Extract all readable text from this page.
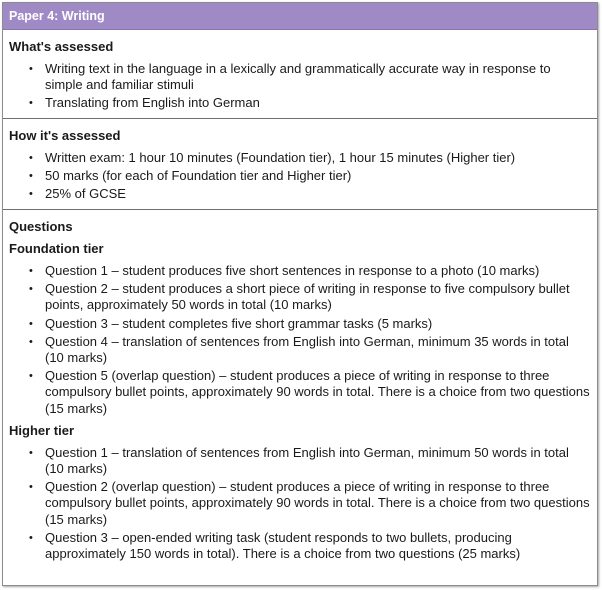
Paper 4: Writing
What's assessed
• Writing text in the language in a lexically and grammatically accurate way in response to simple and familiar stimuli
• Translating from English into German
How it's assessed
• Written exam: 1 hour 10 minutes (Foundation tier), 1 hour 15 minutes (Higher tier)
• 50 marks (for each of Foundation tier and Higher tier)
• 25% of GCSE
Questions
Foundation tier
• Question 1 – student produces five short sentences in response to a photo (10 marks)
• Question 2 – student produces a short piece of writing in response to five compulsory bullet points, approximately 50 words in total (10 marks)
• Question 3 – student completes five short grammar tasks (5 marks)
• Question 4 – translation of sentences from English into German, minimum 35 words in total (10 marks)
• Question 5 (overlap question) – student produces a piece of writing in response to three compulsory bullet points, approximately 90 words in total. There is a choice from two questions (15 marks)
Higher tier
• Question 1 – translation of sentences from English into German, minimum 50 words in total (10 marks)
• Question 2 (overlap question) – student produces a piece of writing in response to three compulsory bullet points, approximately 90 words in total. There is a choice from two questions (15 marks)
• Question 3 – open-ended writing task (student responds to two bullets, producing approximately 150 words in total). There is a choice from two questions (25 marks)
